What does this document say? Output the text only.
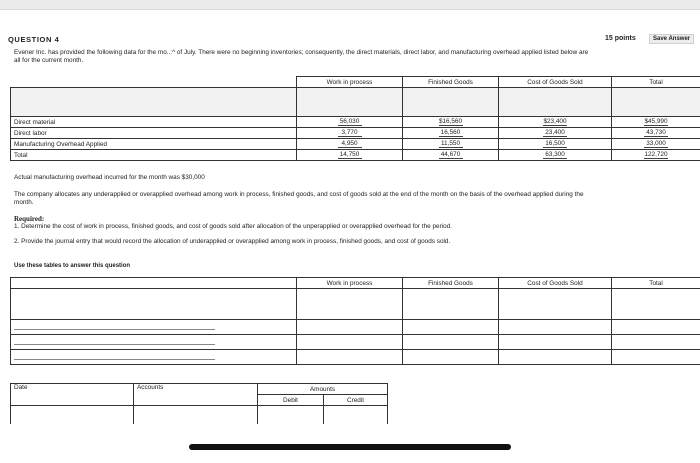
QUESTION 4	15 points	Save Answer
Evener Inc. has provided the following data for the mo..:^ of July. There were no beginning inventories; consequently, the direct materials, direct labor, and manufacturing overhead applied listed below are
all for the current month.
	Work in process	Finished Goods	Cost of Goods Sold	Total

Direct material	56,030	$16,560	$23,400	$45,990
Direct labor	3,770	16,560	23,400	43,730
Manufacturing Overhead Applied	4,950	11,550	16,500	33,000
Total	14,750	44,670	63,300	122,720
Actual manufacturing overhead incurred for the month was $30,000
The company allocates any underapplied or overapplied overhead among work in process, finished goods, and cost of goods sold at the end of the month on the basis of the overhead applied during the
month.
Required:
1. Determine the cost of work in process, finished goods, and cost of goods sold after allocation of the unperapplied or overapplied overhead for the period.
2. Provide the journal entry that would record the allocation of underapplied or overapplied among work in process, finished goods, and cost of goods sold.
Use these tables to answer this question
	Work in process	Finished Goods	Cost of Goods Sold	Total

Date	Accounts	Amounts		
		Debit	Credit	
